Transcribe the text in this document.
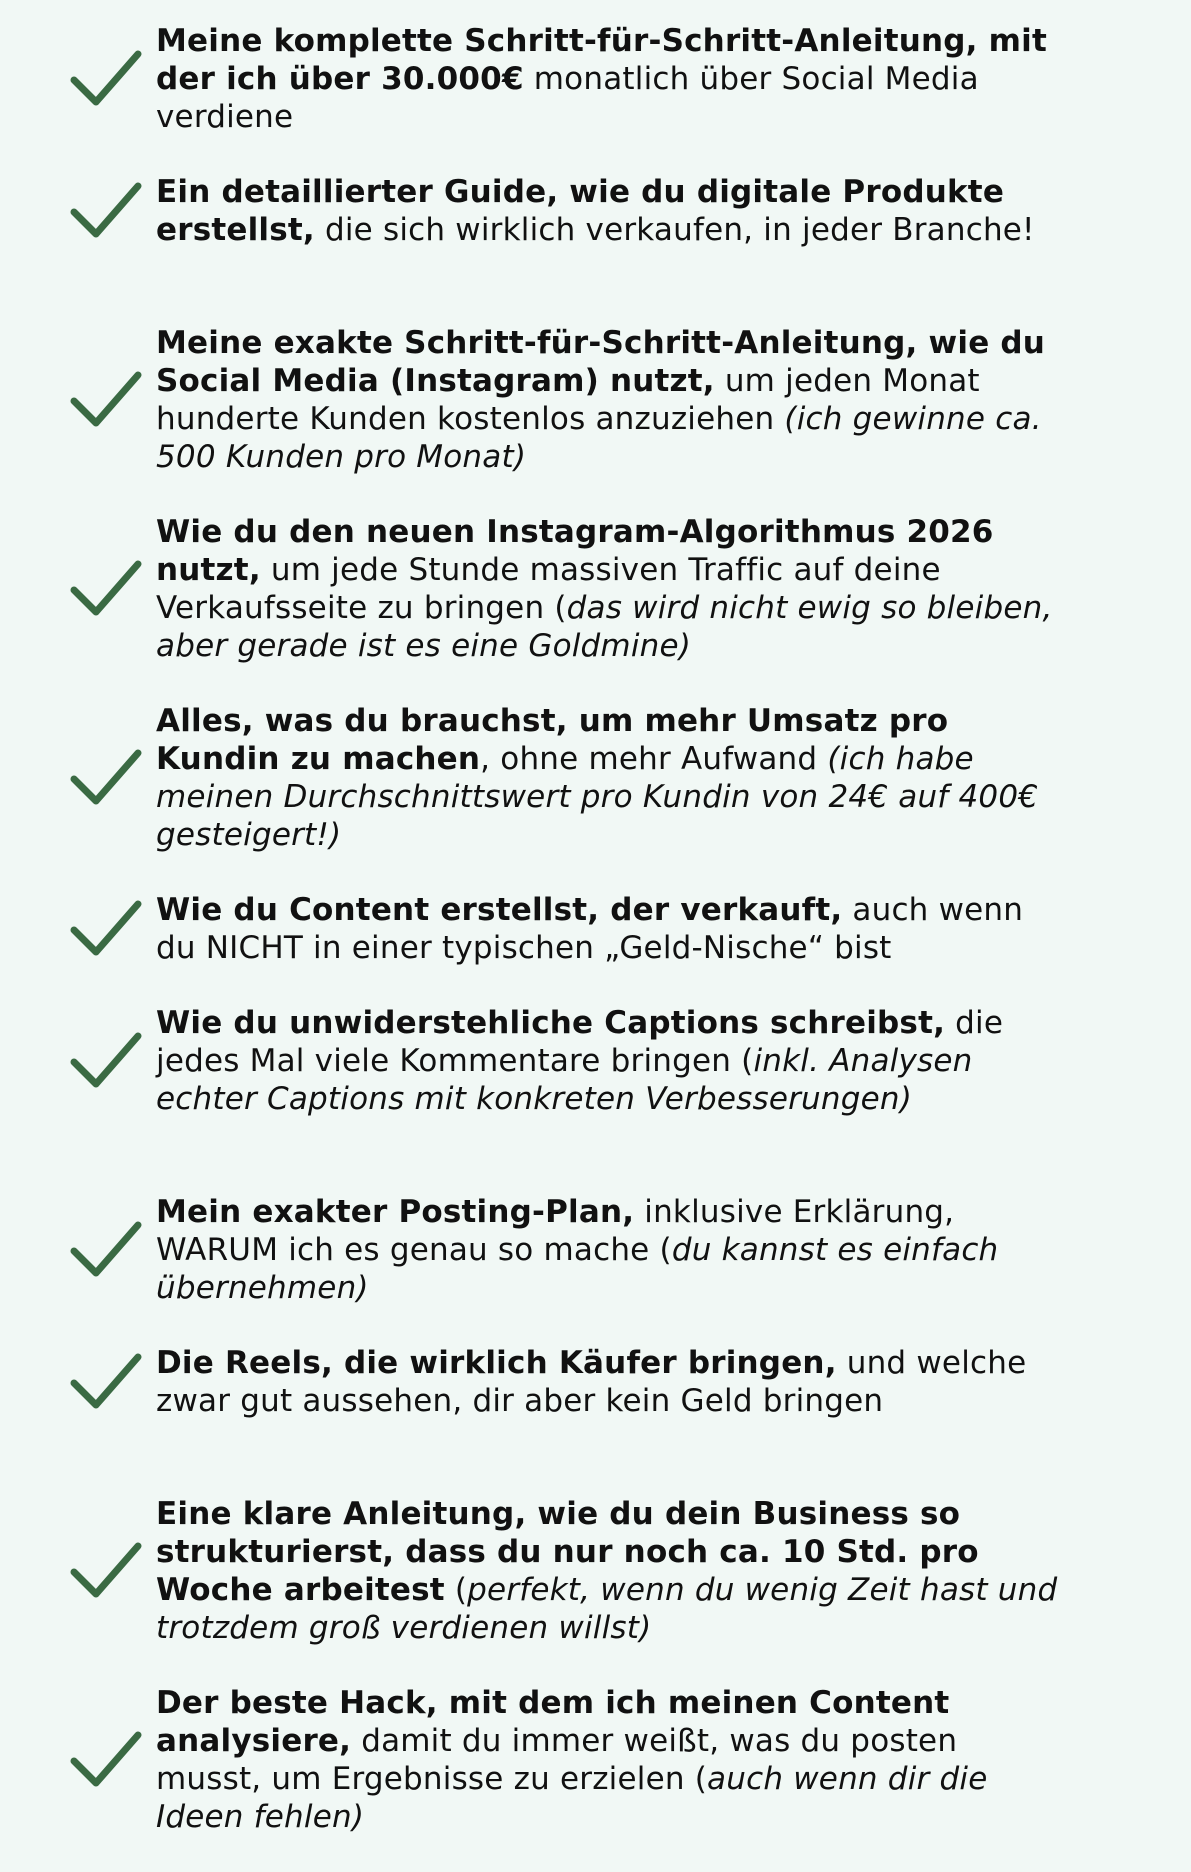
Meine komplette Schritt-für-Schritt-Anleitung, mit der ich über 30.000€ monatlich über Social Media verdiene
Ein detaillierter Guide, wie du digitale Produkte erstellst, die sich wirklich verkaufen, in jeder Branche!
Meine exakte Schritt-für-Schritt-Anleitung, wie du Social Media (Instagram) nutzt, um jeden Monat hunderte Kunden kostenlos anzuziehen (ich gewinne ca. 500 Kunden pro Monat)
Wie du den neuen Instagram-Algorithmus 2026 nutzt, um jede Stunde massiven Traffic auf deine Verkaufsseite zu bringen (das wird nicht ewig so bleiben, aber gerade ist es eine Goldmine)
Alles, was du brauchst, um mehr Umsatz pro Kundin zu machen, ohne mehr Aufwand (ich habe meinen Durchschnittswert pro Kundin von 24€ auf 400€ gesteigert!)
Wie du Content erstellst, der verkauft, auch wenn du NICHT in einer typischen „Geld-Nische“ bist
Wie du unwiderstehliche Captions schreibst, die jedes Mal viele Kommentare bringen (inkl. Analysen echter Captions mit konkreten Verbesserungen)
Mein exakter Posting-Plan, inklusive Erklärung, WARUM ich es genau so mache (du kannst es einfach übernehmen)
Die Reels, die wirklich Käufer bringen, und welche zwar gut aussehen, dir aber kein Geld bringen
Eine klare Anleitung, wie du dein Business so strukturierst, dass du nur noch ca. 10 Std. pro Woche arbeitest (perfekt, wenn du wenig Zeit hast und trotzdem groß verdienen willst)
Der beste Hack, mit dem ich meinen Content analysiere, damit du immer weißt, was du posten musst, um Ergebnisse zu erzielen (auch wenn dir die Ideen fehlen)
